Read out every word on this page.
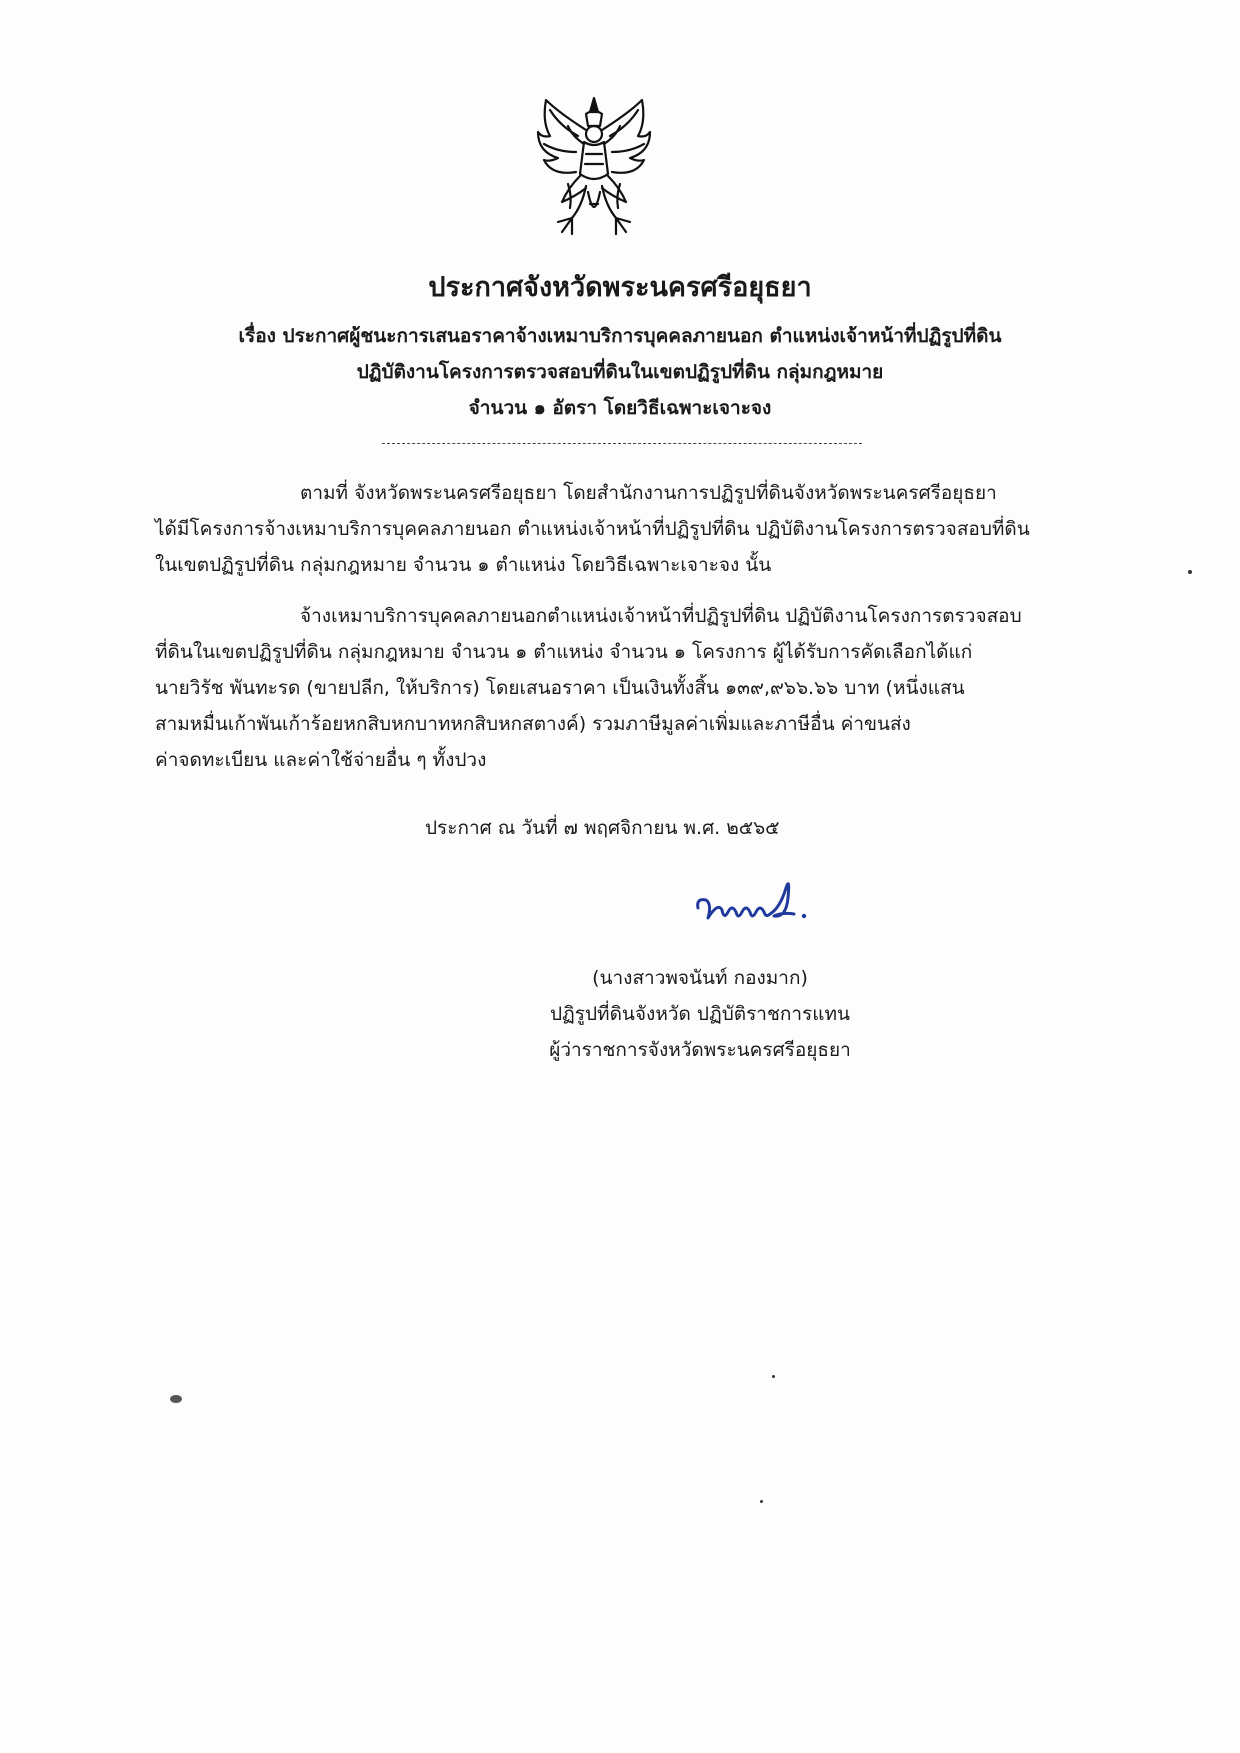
ประกาศจังหวัดพระนครศรีอยุธยา
เรื่อง ประกาศผู้ชนะการเสนอราคาจ้างเหมาบริการบุคคลภายนอก ตำแหน่งเจ้าหน้าที่ปฏิรูปที่ดิน
ปฏิบัติงานโครงการตรวจสอบที่ดินในเขตปฏิรูปที่ดิน กลุ่มกฎหมาย
จำนวน ๑ อัตรา โดยวิธีเฉพาะเจาะจง
ตามที่ จังหวัดพระนครศรีอยุธยา โดยสำนักงานการปฏิรูปที่ดินจังหวัดพระนครศรีอยุธยา
ได้มีโครงการจ้างเหมาบริการบุคคลภายนอก ตำแหน่งเจ้าหน้าที่ปฏิรูปที่ดิน ปฏิบัติงานโครงการตรวจสอบที่ดิน
ในเขตปฏิรูปที่ดิน กลุ่มกฎหมาย จำนวน ๑ ตำแหน่ง โดยวิธีเฉพาะเจาะจง นั้น
จ้างเหมาบริการบุคคลภายนอกตำแหน่งเจ้าหน้าที่ปฏิรูปที่ดิน ปฏิบัติงานโครงการตรวจสอบ
ที่ดินในเขตปฏิรูปที่ดิน กลุ่มกฎหมาย จำนวน ๑ ตำแหน่ง จำนวน ๑ โครงการ ผู้ได้รับการคัดเลือกได้แก่
นายวิรัช พันทะรด (ขายปลีก, ให้บริการ) โดยเสนอราคา เป็นเงินทั้งสิ้น ๑๓๙,๙๖๖.๖๖ บาท (หนึ่งแสน
สามหมื่นเก้าพันเก้าร้อยหกสิบหกบาทหกสิบหกสตางค์) รวมภาษีมูลค่าเพิ่มและภาษีอื่น ค่าขนส่ง
ค่าจดทะเบียน และค่าใช้จ่ายอื่น ๆ ทั้งปวง
ประกาศ ณ วันที่ ๗ พฤศจิกายน พ.ศ. ๒๕๖๕
(นางสาวพจนันท์ กองมาก)
ปฏิรูปที่ดินจังหวัด ปฏิบัติราชการแทน
ผู้ว่าราชการจังหวัดพระนครศรีอยุธยา
